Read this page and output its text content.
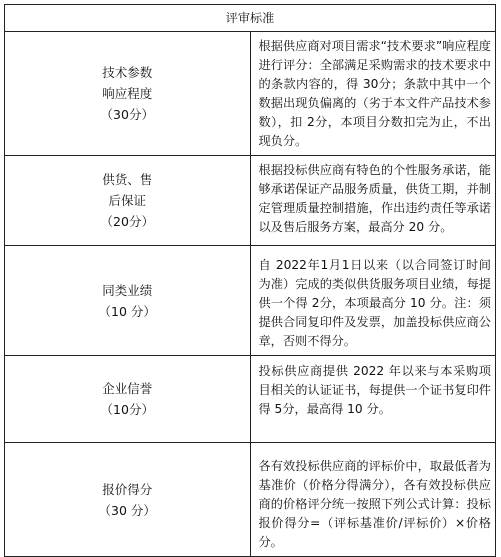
评审标准	

技术参数
响应程度
（30分）	根据供应商对项目需求“技术要求”响应程度进行评分：全部满足采购需求的技术要求中的条款内容的，得 30分；条款中其中一个数据出现负偏离的（劣于本文件产品技术参数），扣 2分，本项目分数扣完为止，不出现负分。

供货、售
后保证
（20分）	根据投标供应商有特色的个性服务承诺，能够承诺保证产品服务质量，供货工期，并制定管理质量控制措施，作出违约责任等承诺以及售后服务方案，最高分 20 分。

同类业绩
（10 分）	自 2022年1月1日以来（以合同签订时间为准）完成的类似供货服务项目业绩，每提供一个得 2分，本项最高分 10 分。注：须提供合同复印件及发票，加盖投标供应商公章，否则不得分。

企业信誉
（10分）	投标供应商提供 2022 年以来与本采购项目相关的认证证书，每提供一个证书复印件得 5分，最高得 10 分。

报价得分
（30 分）	各有效投标供应商的评标价中，取最低者为基准价（价格分得满分），各有效投标供应商的价格评分统一按照下列公式计算：投标报价得分=（评标基准价/评标价）×价格分。
